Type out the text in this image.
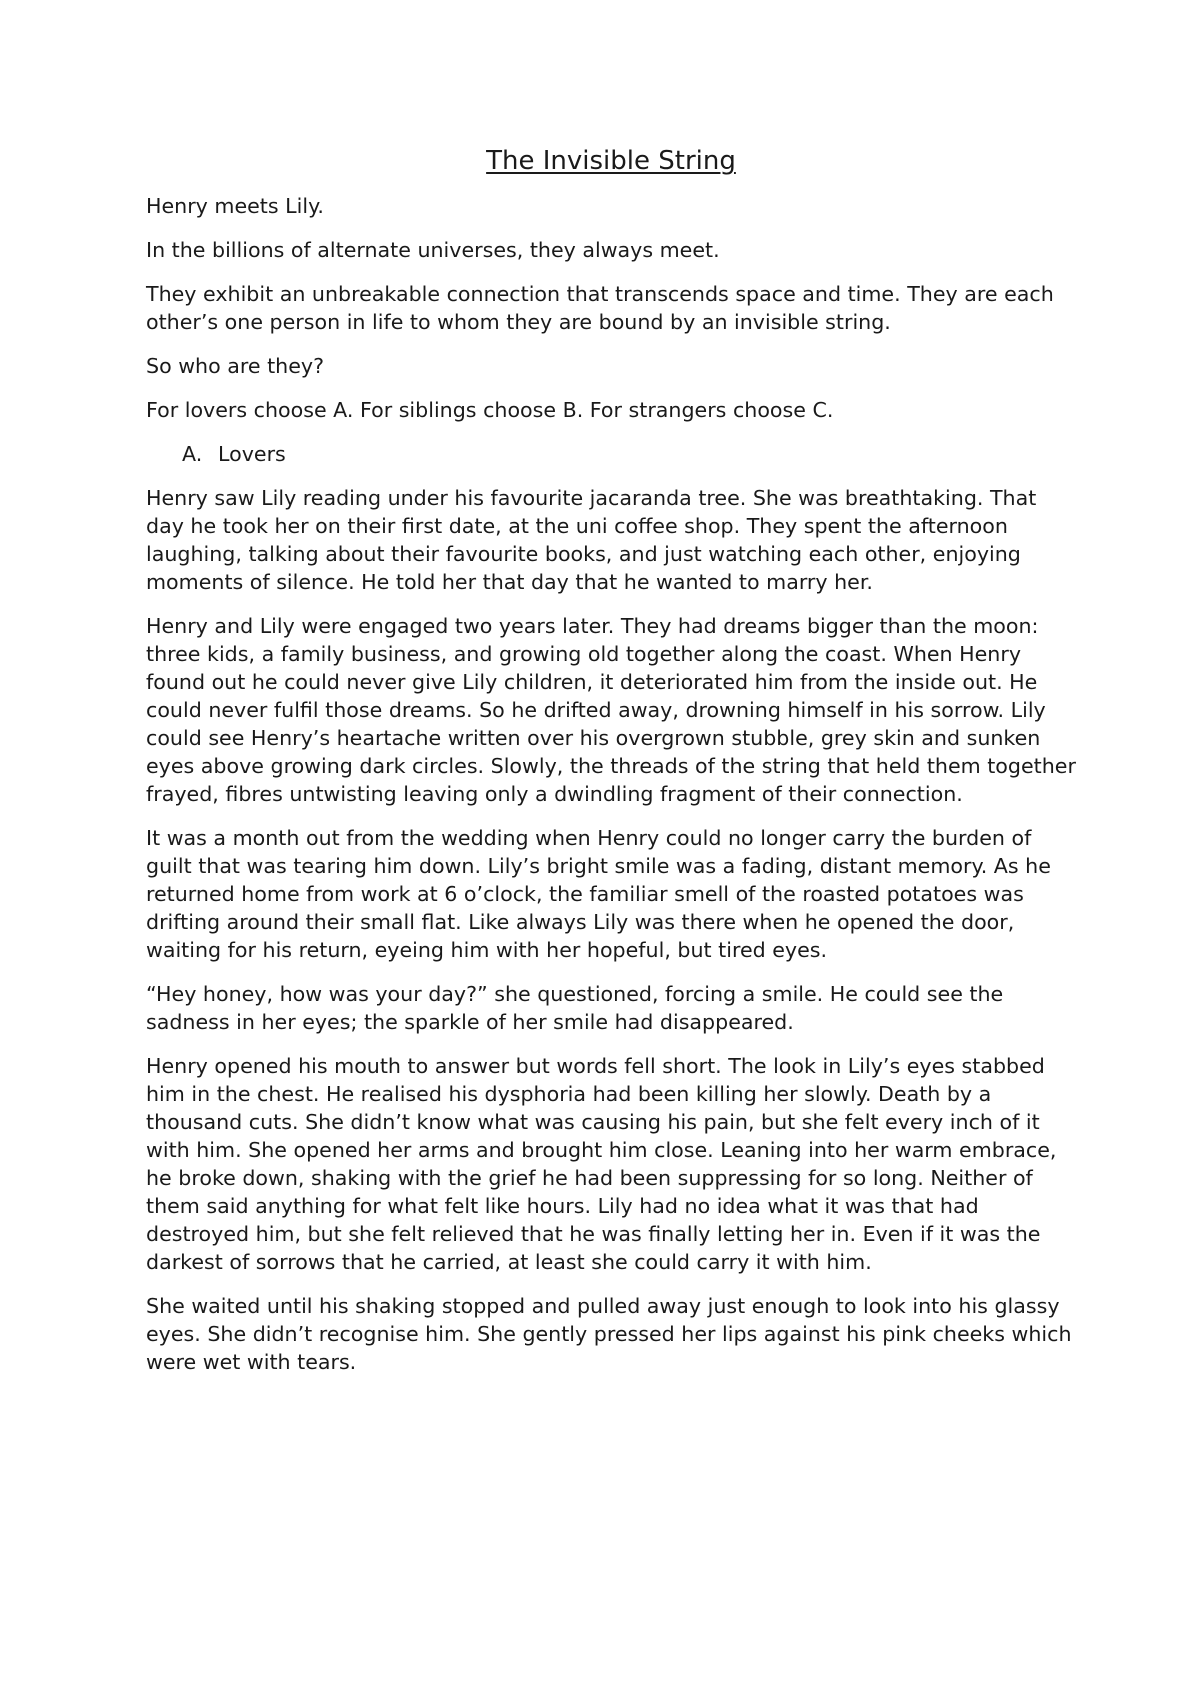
The Invisible String

Henry meets Lily.

In the billions of alternate universes, they always meet.

They exhibit an unbreakable connection that transcends space and time. They are each other’s one person in life to whom they are bound by an invisible string.

So who are they?

For lovers choose A. For siblings choose B. For strangers choose C.

A. Lovers

Henry saw Lily reading under his favourite jacaranda tree. She was breathtaking. That day he took her on their first date, at the uni coffee shop. They spent the afternoon laughing, talking about their favourite books, and just watching each other, enjoying moments of silence. He told her that day that he wanted to marry her.

Henry and Lily were engaged two years later. They had dreams bigger than the moon: three kids, a family business, and growing old together along the coast. When Henry found out he could never give Lily children, it deteriorated him from the inside out. He could never fulfil those dreams. So he drifted away, drowning himself in his sorrow. Lily could see Henry’s heartache written over his overgrown stubble, grey skin and sunken eyes above growing dark circles. Slowly, the threads of the string that held them together frayed, fibres untwisting leaving only a dwindling fragment of their connection.

It was a month out from the wedding when Henry could no longer carry the burden of guilt that was tearing him down. Lily’s bright smile was a fading, distant memory. As he returned home from work at 6 o’clock, the familiar smell of the roasted potatoes was drifting around their small flat. Like always Lily was there when he opened the door, waiting for his return, eyeing him with her hopeful, but tired eyes.

“Hey honey, how was your day?” she questioned, forcing a smile. He could see the sadness in her eyes; the sparkle of her smile had disappeared.

Henry opened his mouth to answer but words fell short. The look in Lily’s eyes stabbed him in the chest. He realised his dysphoria had been killing her slowly. Death by a thousand cuts. She didn’t know what was causing his pain, but she felt every inch of it with him. She opened her arms and brought him close. Leaning into her warm embrace, he broke down, shaking with the grief he had been suppressing for so long. Neither of them said anything for what felt like hours. Lily had no idea what it was that had destroyed him, but she felt relieved that he was finally letting her in. Even if it was the darkest of sorrows that he carried, at least she could carry it with him.

She waited until his shaking stopped and pulled away just enough to look into his glassy eyes. She didn’t recognise him. She gently pressed her lips against his pink cheeks which were wet with tears.
